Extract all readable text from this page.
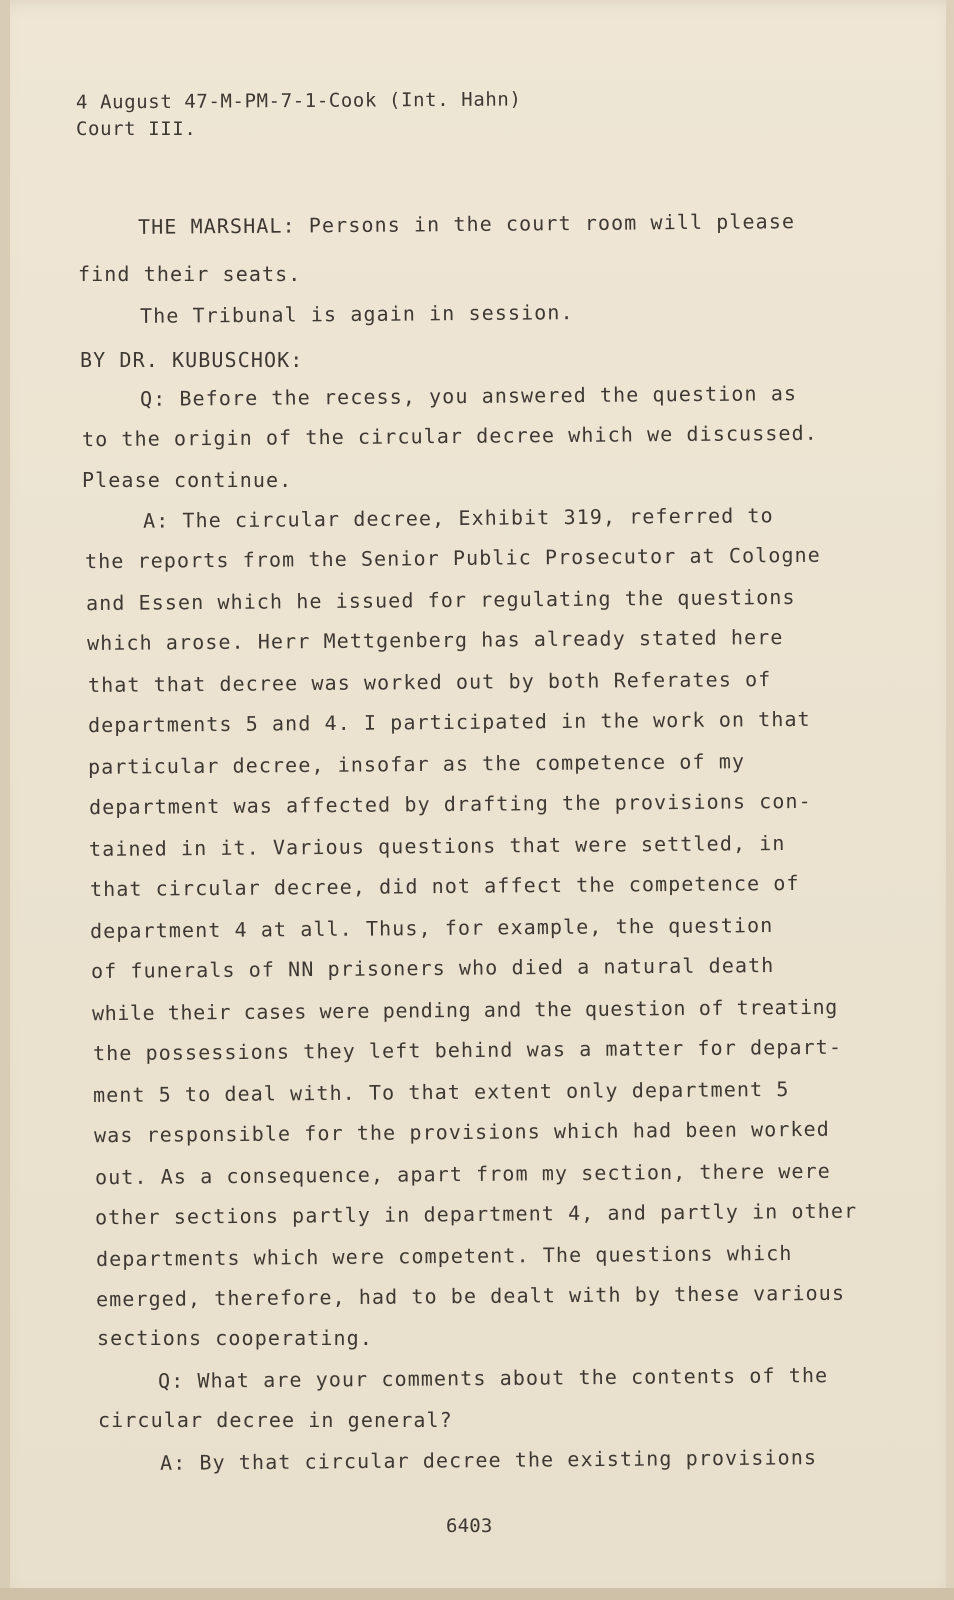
4 August 47-M-PM-7-1-Cook (Int. Hahn)
Court III.
THE MARSHAL: Persons in the court room will please
find their seats.
The Tribunal is again in session.
BY DR. KUBUSCHOK:
Q: Before the recess, you answered the question as
to the origin of the circular decree which we discussed.
Please continue.
A: The circular decree, Exhibit 319, referred to
the reports from the Senior Public Prosecutor at Cologne
and Essen which he issued for regulating the questions
which arose. Herr Mettgenberg has already stated here
that that decree was worked out by both Referates of
departments 5 and 4. I participated in the work on that
particular decree, insofar as the competence of my
department was affected by drafting the provisions con-
tained in it. Various questions that were settled, in
that circular decree, did not affect the competence of
department 4 at all. Thus, for example, the question
of funerals of NN prisoners who died a natural death
while their cases were pending and the question of treating
the possessions they left behind was a matter for depart-
ment 5 to deal with. To that extent only department 5
was responsible for the provisions which had been worked
out. As a consequence, apart from my section, there were
other sections partly in department 4, and partly in other
departments which were competent. The questions which
emerged, therefore, had to be dealt with by these various
sections cooperating.
Q: What are your comments about the contents of the
circular decree in general?
A: By that circular decree the existing provisions
6403
